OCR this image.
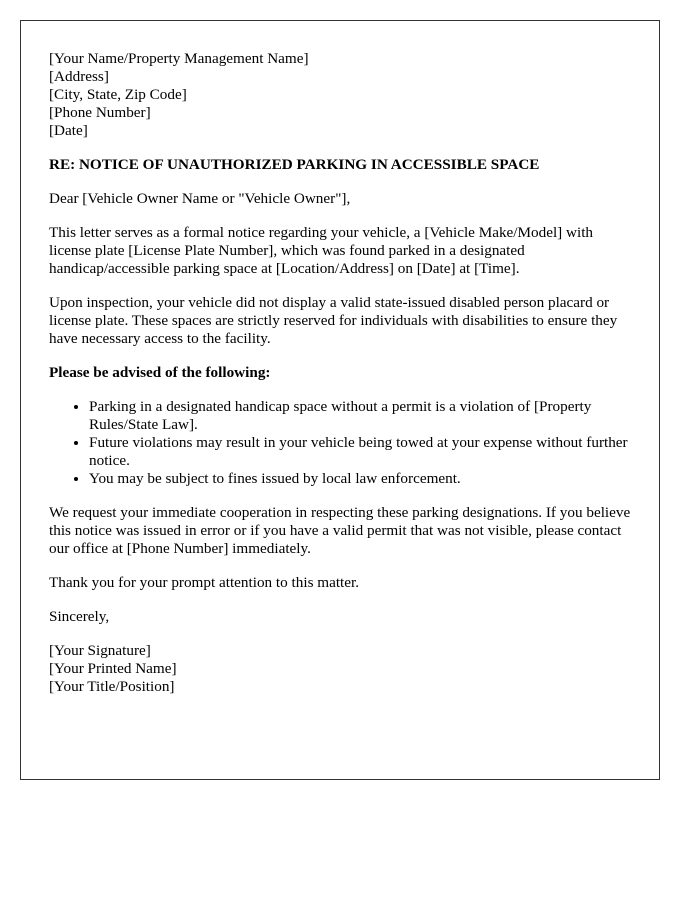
[Your Name/Property Management Name]
[Address]
[City, State, Zip Code]
[Phone Number]
[Date]
RE: NOTICE OF UNAUTHORIZED PARKING IN ACCESSIBLE SPACE
Dear [Vehicle Owner Name or "Vehicle Owner"],
This letter serves as a formal notice regarding your vehicle, a [Vehicle Make/Model] with license plate [License Plate Number], which was found parked in a designated handicap/accessible parking space at [Location/Address] on [Date] at [Time].
Upon inspection, your vehicle did not display a valid state-issued disabled person placard or license plate. These spaces are strictly reserved for individuals with disabilities to ensure they have necessary access to the facility.
Please be advised of the following:
• Parking in a designated handicap space without a permit is a violation of [Property Rules/State Law].
• Future violations may result in your vehicle being towed at your expense without further notice.
• You may be subject to fines issued by local law enforcement.
We request your immediate cooperation in respecting these parking designations. If you believe this notice was issued in error or if you have a valid permit that was not visible, please contact our office at [Phone Number] immediately.
Thank you for your prompt attention to this matter.
Sincerely,
[Your Signature]
[Your Printed Name]
[Your Title/Position]
